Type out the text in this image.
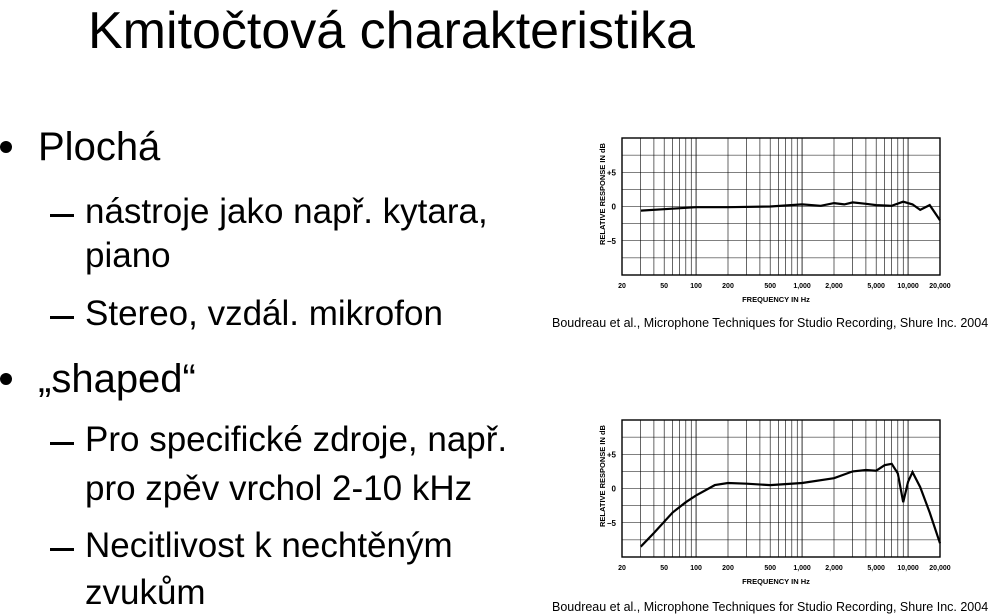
Kmitočtová charakteristika
Plochá
nástroje jako např. kytara,
piano
Stereo, vzdál. mikrofon
„shaped“
Pro specifické zdroje, např.
pro zpěv vrchol 2-10 kHz
Necitlivost k nechtěným
zvukům
RELATIVE RESPONSE IN dB +5
0
−5
20	50	100	200	500 1,000 2,000	5,000 10,000 20,000
FREQUENCY IN Hz
Boudreau et al., Microphone Techniques for Studio Recording, Shure Inc. 2004
RELATIVE RESPONSE IN dB +5
0
−5
20	50	100	200	500 1,000 2,000	5,000 10,000 20,000
FREQUENCY IN Hz
Boudreau et al., Microphone Techniques for Studio Recording, Shure Inc. 2004
